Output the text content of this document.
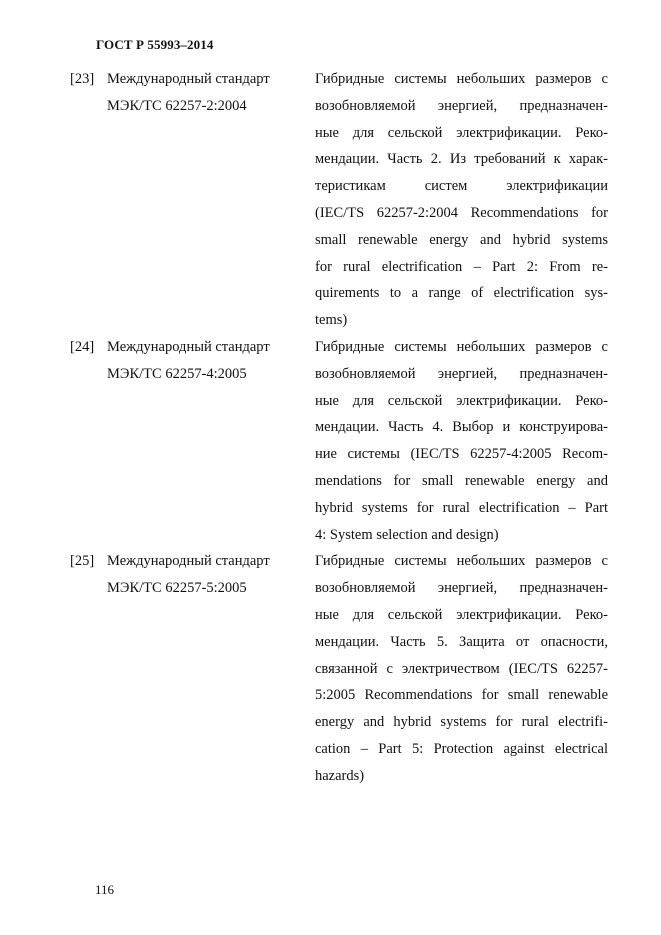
ГОСТ Р 55993–2014
[23] Международный стандарт
МЭК/ТС 62257-2:2004
Гибридные системы небольших размеров с
возобновляемой энергией, предназначен-
ные для сельской электрификации. Реко-
мендации. Часть 2. Из требований к харак-
теристикам систем электрификации
(IEC/TS 62257-2:2004 Recommendations for
small renewable energy and hybrid systems
for rural electrification – Part 2: From re-
quirements to a range of electrification sys-
tems)
[24] Международный стандарт
МЭК/ТС 62257-4:2005
Гибридные системы небольших размеров с
возобновляемой энергией, предназначен-
ные для сельской электрификации. Реко-
мендации. Часть 4. Выбор и конструирова-
ние системы (IEC/TS 62257-4:2005 Recom-
mendations for small renewable energy and
hybrid systems for rural electrification – Part
4: System selection and design)
[25] Международный стандарт
МЭК/ТС 62257-5:2005
Гибридные системы небольших размеров с
возобновляемой энергией, предназначен-
ные для сельской электрификации. Реко-
мендации. Часть 5. Защита от опасности,
связанной с электричеством (IEC/TS 62257-
5:2005 Recommendations for small renewable
energy and hybrid systems for rural electrifi-
cation – Part 5: Protection against electrical
hazards)
116
